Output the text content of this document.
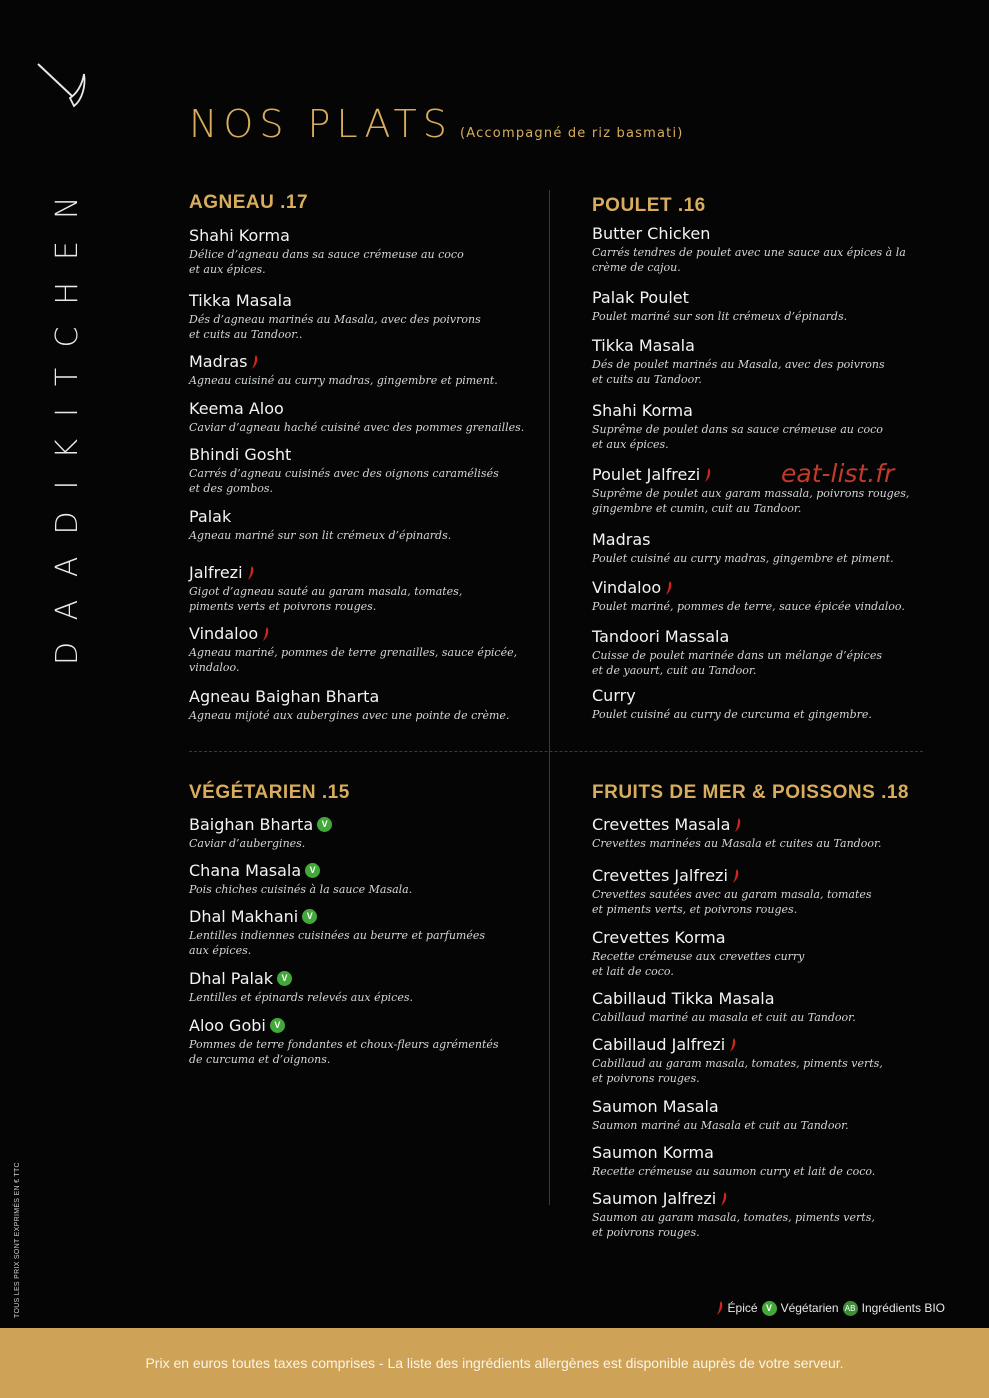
DAADIKITCHEN
TOUS LES PRIX SONT EXPRIMÉS EN € TTC
NOS PLATS (Accompagné de riz basmati)
AGNEAU .17
Shahi Korma
Délice d’agneau dans sa sauce crémeuse au coco
et aux épices.
Tikka Masala
Dés d’agneau marinés au Masala, avec des poivrons
et cuits au Tandoor..
Madras
Agneau cuisiné au curry madras, gingembre et piment.
Keema Aloo
Caviar d’agneau haché cuisiné avec des pommes grenailles.
Bhindi Gosht
Carrés d’agneau cuisinés avec des oignons caramélisés
et des gombos.
Palak
Agneau mariné sur son lit crémeux d’épinards.
Jalfrezi
Gigot d’agneau sauté au garam masala, tomates,
piments verts et poivrons rouges.
Vindaloo
Agneau mariné, pommes de terre grenailles, sauce épicée,
vindaloo.
Agneau Baighan Bharta
Agneau mijoté aux aubergines avec une pointe de crème.
POULET .16
Butter Chicken
Carrés tendres de poulet avec une sauce aux épices à la
crème de cajou.
Palak Poulet
Poulet mariné sur son lit crémeux d’épinards.
Tikka Masala
Dés de poulet marinés au Masala, avec des poivrons
et cuits au Tandoor.
Shahi Korma
Suprême de poulet dans sa sauce crémeuse au coco
et aux épices.
Poulet Jalfrezi
Suprême de poulet aux garam massala, poivrons rouges,
gingembre et cumin, cuit au Tandoor.
Madras
Poulet cuisiné au curry madras, gingembre et piment.
Vindaloo
Poulet mariné, pommes de terre, sauce épicée vindaloo.
Tandoori Massala
Cuisse de poulet marinée dans un mélange d’épices
et de yaourt, cuit au Tandoor.
Curry
Poulet cuisiné au curry de curcuma et gingembre.
VÉGÉTARIEN .15
Baighan Bharta V
Caviar d’aubergines.
Chana Masala V
Pois chiches cuisinés à la sauce Masala.
Dhal Makhani V
Lentilles indiennes cuisinées au beurre et parfumées
aux épices.
Dhal Palak V
Lentilles et épinards relevés aux épices.
Aloo Gobi V
Pommes de terre fondantes et choux-fleurs agrémentés
de curcuma et d’oignons.
FRUITS DE MER & POISSONS .18
Crevettes Masala
Crevettes marinées au Masala et cuites au Tandoor.
Crevettes Jalfrezi
Crevettes sautées avec au garam masala, tomates
et piments verts, et poivrons rouges.
Crevettes Korma
Recette crémeuse aux crevettes curry
et lait de coco.
Cabillaud Tikka Masala
Cabillaud mariné au masala et cuit au Tandoor.
Cabillaud Jalfrezi
Cabillaud au garam masala, tomates, piments verts,
et poivrons rouges.
Saumon Masala
Saumon mariné au Masala et cuit au Tandoor.
Saumon Korma
Recette crémeuse au saumon curry et lait de coco.
Saumon Jalfrezi
Saumon au garam masala, tomates, piments verts,
et poivrons rouges.
eat-list.fr
Épicé V Végétarien AB Ingrédients BIO
Prix en euros toutes taxes comprises - La liste des ingrédients allergènes est disponible auprès de votre serveur.
